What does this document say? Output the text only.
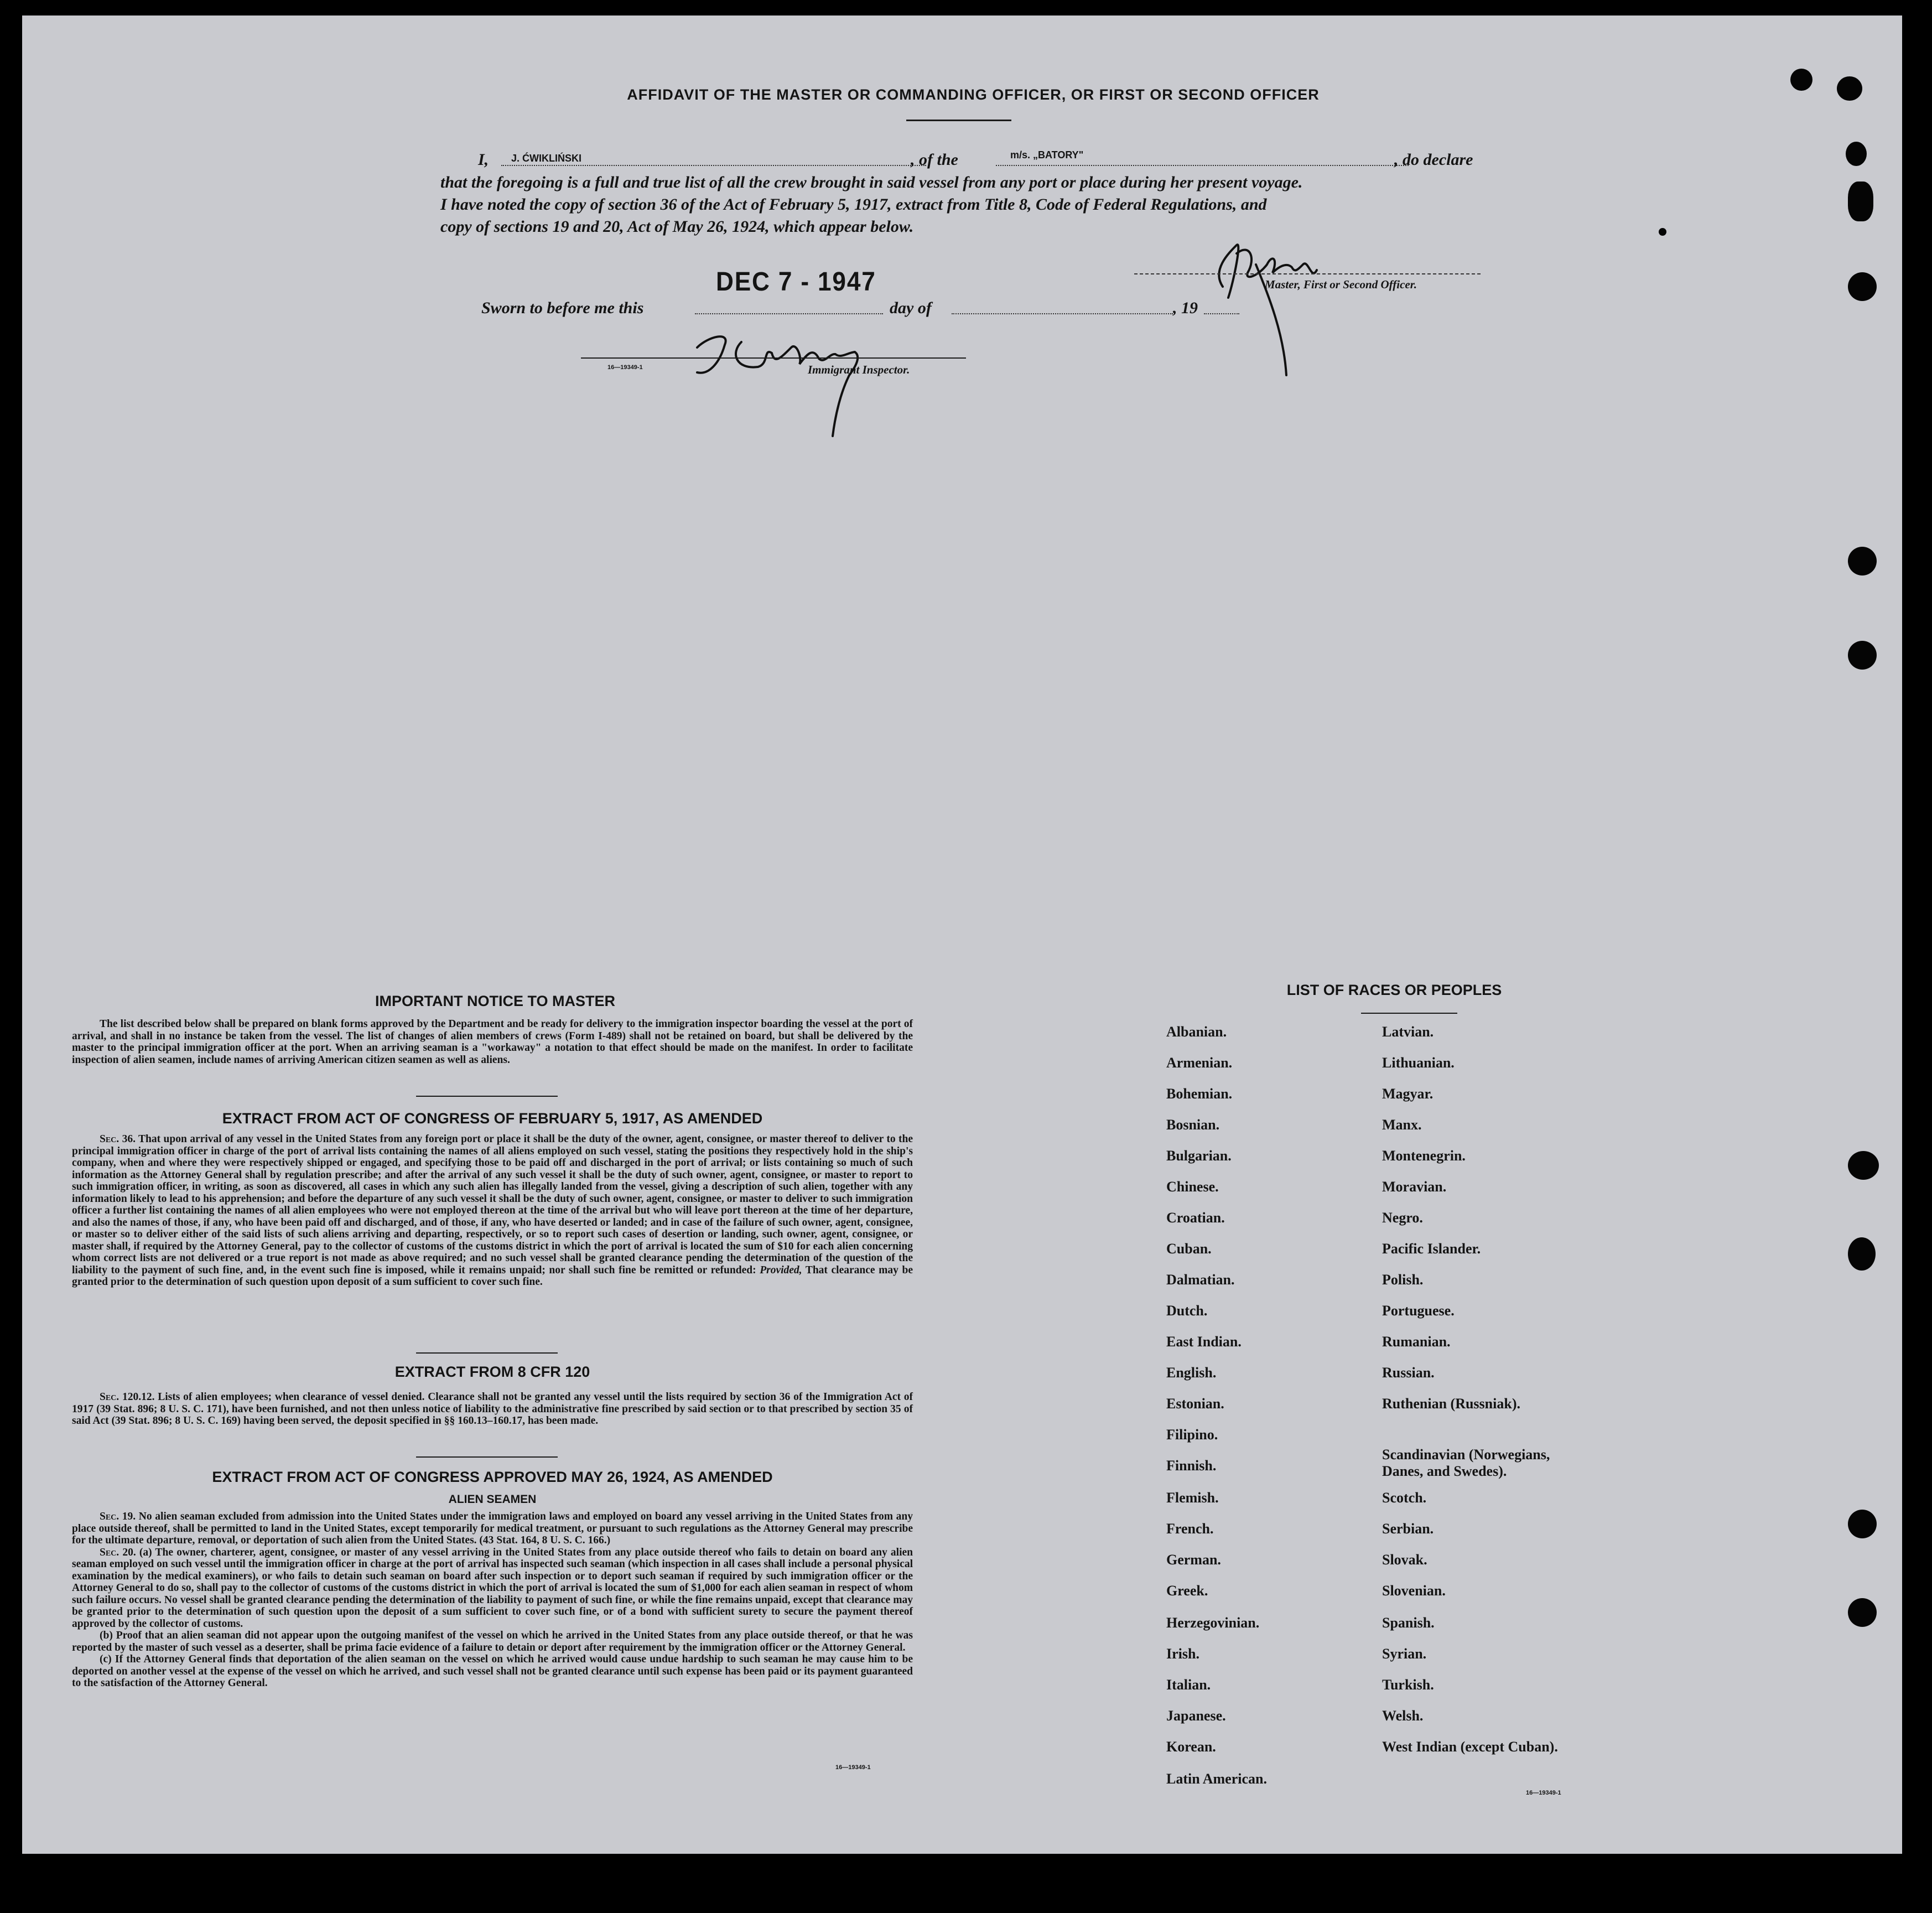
AFFIDAVIT OF THE MASTER OR COMMANDING OFFICER, OR FIRST OR SECOND OFFICER
I, J. ĆWIKLIŃSKI	, of the	m/s. „BATORY"	, do declare
that the foregoing is a full and true list of all the crew brought in said vessel from any port or place during her present voyage.
I have noted the copy of section 36 of the Act of February 5, 1917, extract from Title 8, Code of Federal Regulations, and
copy of sections 19 and 20, Act of May 26, 1924, which appear below.
Master, First or Second Officer.
DEC 7 - 1947
Sworn to before me this	day of	, 19
16—19349-1	Immigrant Inspector.
IMPORTANT NOTICE TO MASTER

The list described below shall be prepared on blank forms approved by the Department and be ready for delivery to the immigration inspector boarding the vessel at the port of arrival, and shall in no instance be taken from the vessel. The list of changes of alien members of crews (Form I-489) shall not be retained on board, but shall be delivered by the master to the principal immigration officer at the port. When an arriving seaman is a "workaway" a notation to that effect should be made on the manifest. In order to facilitate inspection of alien seamen, include names of arriving American citizen seamen as well as aliens.

EXTRACT FROM ACT OF CONGRESS OF FEBRUARY 5, 1917, AS AMENDED

Sec. 36. That upon arrival of any vessel in the United States from any foreign port or place it shall be the duty of the owner, agent, consignee, or master thereof to deliver to the principal immigration officer in charge of the port of arrival lists containing the names of all aliens employed on such vessel, stating the positions they respectively hold in the ship's company, when and where they were respectively shipped or engaged, and specifying those to be paid off and discharged in the port of arrival; or lists containing so much of such information as the Attorney General shall by regulation prescribe; and after the arrival of any such vessel it shall be the duty of such owner, agent, consignee, or master to report to such immigration officer, in writing, as soon as discovered, all cases in which any such alien has illegally landed from the vessel, giving a description of such alien, together with any information likely to lead to his apprehension; and before the departure of any such vessel it shall be the duty of such owner, agent, consignee, or master to deliver to such immigration officer a further list containing the names of all alien employees who were not employed thereon at the time of the arrival but who will leave port thereon at the time of her departure, and also the names of those, if any, who have been paid off and discharged, and of those, if any, who have deserted or landed; and in case of the failure of such owner, agent, consignee, or master so to deliver either of the said lists of such aliens arriving and departing, respectively, or so to report such cases of desertion or landing, such owner, agent, consignee, or master shall, if required by the Attorney General, pay to the collector of customs of the customs district in which the port of arrival is located the sum of $10 for each alien concerning whom correct lists are not delivered or a true report is not made as above required; and no such vessel shall be granted clearance pending the determination of the question of the liability to the payment of such fine, and, in the event such fine is imposed, while it remains unpaid; nor shall such fine be remitted or refunded: Provided, That clearance may be granted prior to the determination of such question upon deposit of a sum sufficient to cover such fine.

EXTRACT FROM 8 CFR 120

Sec. 120.12. Lists of alien employees; when clearance of vessel denied. Clearance shall not be granted any vessel until the lists required by section 36 of the Immigration Act of 1917 (39 Stat. 896; 8 U. S. C. 171), have been furnished, and not then unless notice of liability to the administrative fine prescribed by said section or to that prescribed by section 35 of said Act (39 Stat. 896; 8 U. S. C. 169) having been served, the deposit specified in §§ 160.13–160.17, has been made.

EXTRACT FROM ACT OF CONGRESS APPROVED MAY 26, 1924, AS AMENDED
ALIEN SEAMEN

Sec. 19. No alien seaman excluded from admission into the United States under the immigration laws and employed on board any vessel arriving in the United States from any place outside thereof, shall be permitted to land in the United States, except temporarily for medical treatment, or pursuant to such regulations as the Attorney General may prescribe for the ultimate departure, removal, or deportation of such alien from the United States. (43 Stat. 164, 8 U. S. C. 166.)

Sec. 20. (a) The owner, charterer, agent, consignee, or master of any vessel arriving in the United States from any place outside thereof who fails to detain on board any alien seaman employed on such vessel until the immigration officer in charge at the port of arrival has inspected such seaman (which inspection in all cases shall include a personal physical examination by the medical examiners), or who fails to detain such seaman on board after such inspection or to deport such seaman if required by such immigration officer or the Attorney General to do so, shall pay to the collector of customs of the customs district in which the port of arrival is located the sum of $1,000 for each alien seaman in respect of whom such failure occurs. No vessel shall be granted clearance pending the determination of the liability to payment of such fine, or while the fine remains unpaid, except that clearance may be granted prior to the determination of such question upon the deposit of a sum sufficient to cover such fine, or of a bond with sufficient surety to secure the payment thereof approved by the collector of customs.

(b) Proof that an alien seaman did not appear upon the outgoing manifest of the vessel on which he arrived in the United States from any place outside thereof, or that he was reported by the master of such vessel as a deserter, shall be prima facie evidence of a failure to detain or deport after requirement by the immigration officer or the Attorney General.

(c) If the Attorney General finds that deportation of the alien seaman on the vessel on which he arrived would cause undue hardship to such seaman he may cause him to be deported on another vessel at the expense of the vessel on which he arrived, and such vessel shall not be granted clearance until such expense has been paid or its payment guaranteed to the satisfaction of the Attorney General.

16—19349-1
LIST OF RACES OR PEOPLES
Albanian.
Armenian.
Bohemian.
Bosnian.
Bulgarian.
Chinese.
Croatian.
Cuban.
Dalmatian.
Dutch.
East Indian.
English.
Estonian.
Filipino.
Finnish.
Flemish.
French.
German.
Greek.
Herzegovinian.
Irish.
Italian.
Japanese.
Korean.
Latin American.
Latvian.
Lithuanian.
Magyar.
Manx.
Montenegrin.
Moravian.
Negro.
Pacific Islander.
Polish.
Portuguese.
Rumanian.
Russian.
Ruthenian (Russniak).
Scandinavian (Norwegians,
Scotch.
Serbian.
Slovak.
Slovenian.
Spanish.
Syrian.
Turkish.
Welsh.
West Indian (except Cuban).
Danes, and Swedes).
16—19349-1
